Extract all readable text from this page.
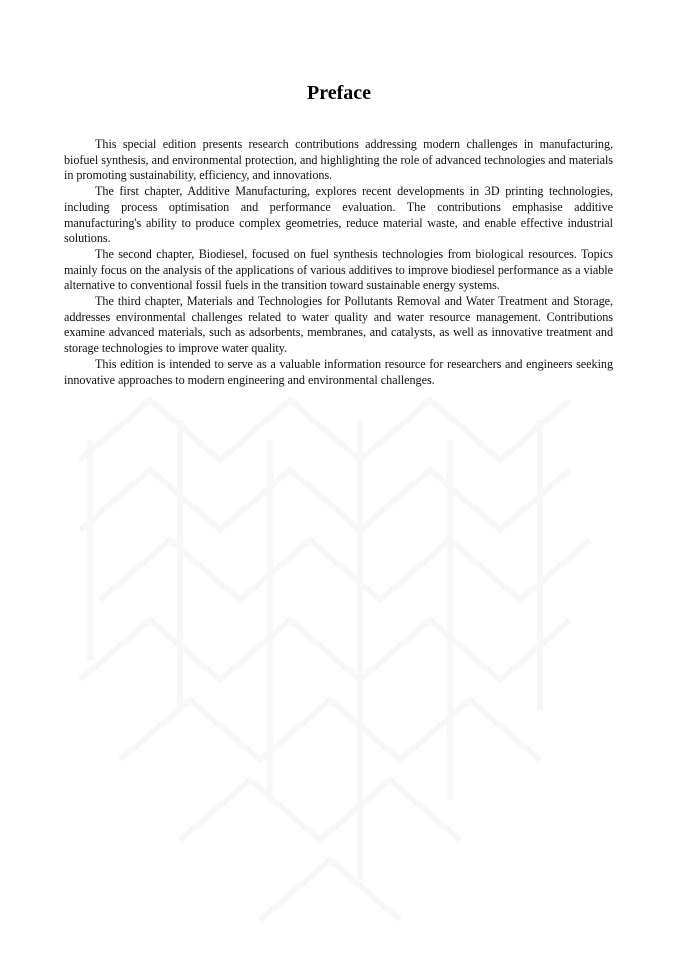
Preface

This special edition presents research contributions addressing modern challenges in manufacturing, biofuel synthesis, and environmental protection, and highlighting the role of advanced technologies and materials in promoting sustainability, efficiency, and innovations.

The first chapter, Additive Manufacturing, explores recent developments in 3D printing technologies, including process optimisation and performance evaluation. The contributions emphasise additive manufacturing's ability to produce complex geometries, reduce material waste, and enable effective industrial solutions.

The second chapter, Biodiesel, focused on fuel synthesis technologies from biological resources. Topics mainly focus on the analysis of the applications of various additives to improve biodiesel performance as a viable alternative to conventional fossil fuels in the transition toward sustainable energy systems.

The third chapter, Materials and Technologies for Pollutants Removal and Water Treatment and Storage, addresses environmental challenges related to water quality and water resource management. Contributions examine advanced materials, such as adsorbents, membranes, and catalysts, as well as innovative treatment and storage technologies to improve water quality.

This edition is intended to serve as a valuable information resource for researchers and engineers seeking innovative approaches to modern engineering and environmental challenges.
